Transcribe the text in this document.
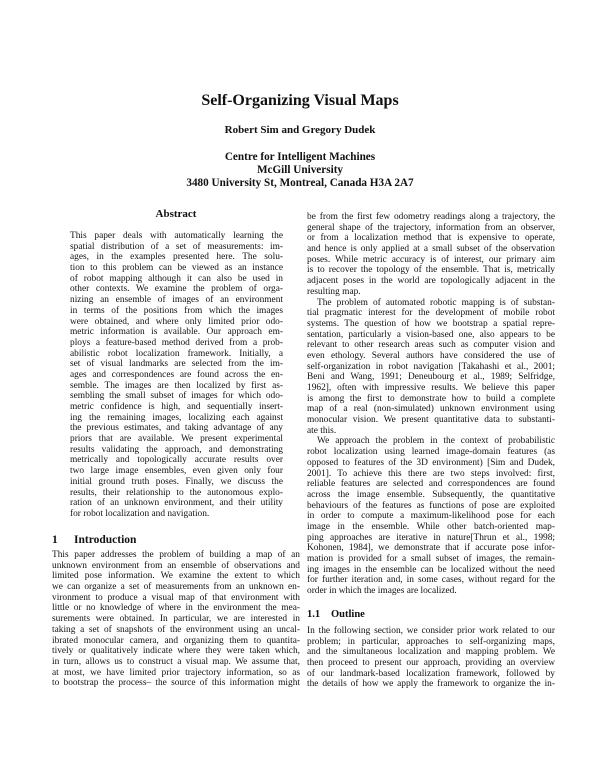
Self-Organizing Visual Maps
Robert Sim and Gregory Dudek
Centre for Intelligent Machines
McGill University
3480 University St, Montreal, Canada H3A 2A7
Abstract
This paper deals with automatically learning the
spatial distribution of a set of measurements: im-
ages, in the examples presented here. The solu-
tion to this problem can be viewed as an instance
of robot mapping although it can also be used in
other contexts. We examine the problem of orga-
nizing an ensemble of images of an environment
in terms of the positions from which the images
were obtained, and where only limited prior odo-
metric information is available. Our approach em-
ploys a feature-based method derived from a prob-
abilistic robot localization framework. Initially, a
set of visual landmarks are selected from the im-
ages and correspondences are found across the en-
semble. The images are then localized by first as-
sembling the small subset of images for which odo-
metric confidence is high, and sequentially insert-
ing the remaining images, localizing each against
the previous estimates, and taking advantage of any
priors that are available. We present experimental
results validating the approach, and demonstrating
metrically and topologically accurate results over
two large image ensembles, even given only four
initial ground truth poses. Finally, we discuss the
results, their relationship to the autonomous explo-
ration of an unknown environment, and their utility
for robot localization and navigation.
1 Introduction
This paper addresses the problem of building a map of an
unknown environment from an ensemble of observations and
limited pose information. We examine the extent to which
we can organize a set of measurements from an unknown en-
vironment to produce a visual map of that environment with
little or no knowledge of where in the environment the mea-
surements were obtained. In particular, we are interested in
taking a set of snapshots of the environment using an uncal-
ibrated monocular camera, and organizing them to quantita-
tively or qualitatively indicate where they were taken which,
in turn, allows us to construct a visual map. We assume that,
at most, we have limited prior trajectory information, so as
to bootstrap the process– the source of this information might
be from the first few odometry readings along a trajectory, the
general shape of the trajectory, information from an observer,
or from a localization method that is expensive to operate,
and hence is only applied at a small subset of the observation
poses. While metric accuracy is of interest, our primary aim
is to recover the topology of the ensemble. That is, metrically
adjacent poses in the world are topologically adjacent in the
resulting map.
The problem of automated robotic mapping is of substan-
tial pragmatic interest for the development of mobile robot
systems. The question of how we bootstrap a spatial repre-
sentation, particularly a vision-based one, also appears to be
relevant to other research areas such as computer vision and
even ethology. Several authors have considered the use of
self-organization in robot navigation [Takahashi et al., 2001;
Beni and Wang, 1991; Deneubourg et al., 1989; Selfridge,
1962], often with impressive results. We believe this paper
is among the first to demonstrate how to build a complete
map of a real (non-simulated) unknown environment using
monocular vision. We present quantitative data to substanti-
ate this.
We approach the problem in the context of probabilistic
robot localization using learned image-domain features (as
opposed to features of the 3D environment) [Sim and Dudek,
2001]. To achieve this there are two steps involved: first,
reliable features are selected and correspondences are found
across the image ensemble. Subsequently, the quantitative
behaviours of the features as functions of pose are exploited
in order to compute a maximum-likelihood pose for each
image in the ensemble. While other batch-oriented map-
ping approaches are iterative in nature[Thrun et al., 1998;
Kohonen, 1984], we demonstrate that if accurate pose infor-
mation is provided for a small subset of images, the remain-
ing images in the ensemble can be localized without the need
for further iteration and, in some cases, without regard for the
order in which the images are localized.
1.1 Outline
In the following section, we consider prior work related to our
problem; in particular, approaches to self-organizing maps,
and the simultaneous localization and mapping problem. We
then proceed to present our approach, providing an overview
of our landmark-based localization framework, followed by
the details of how we apply the framework to organize the in-
